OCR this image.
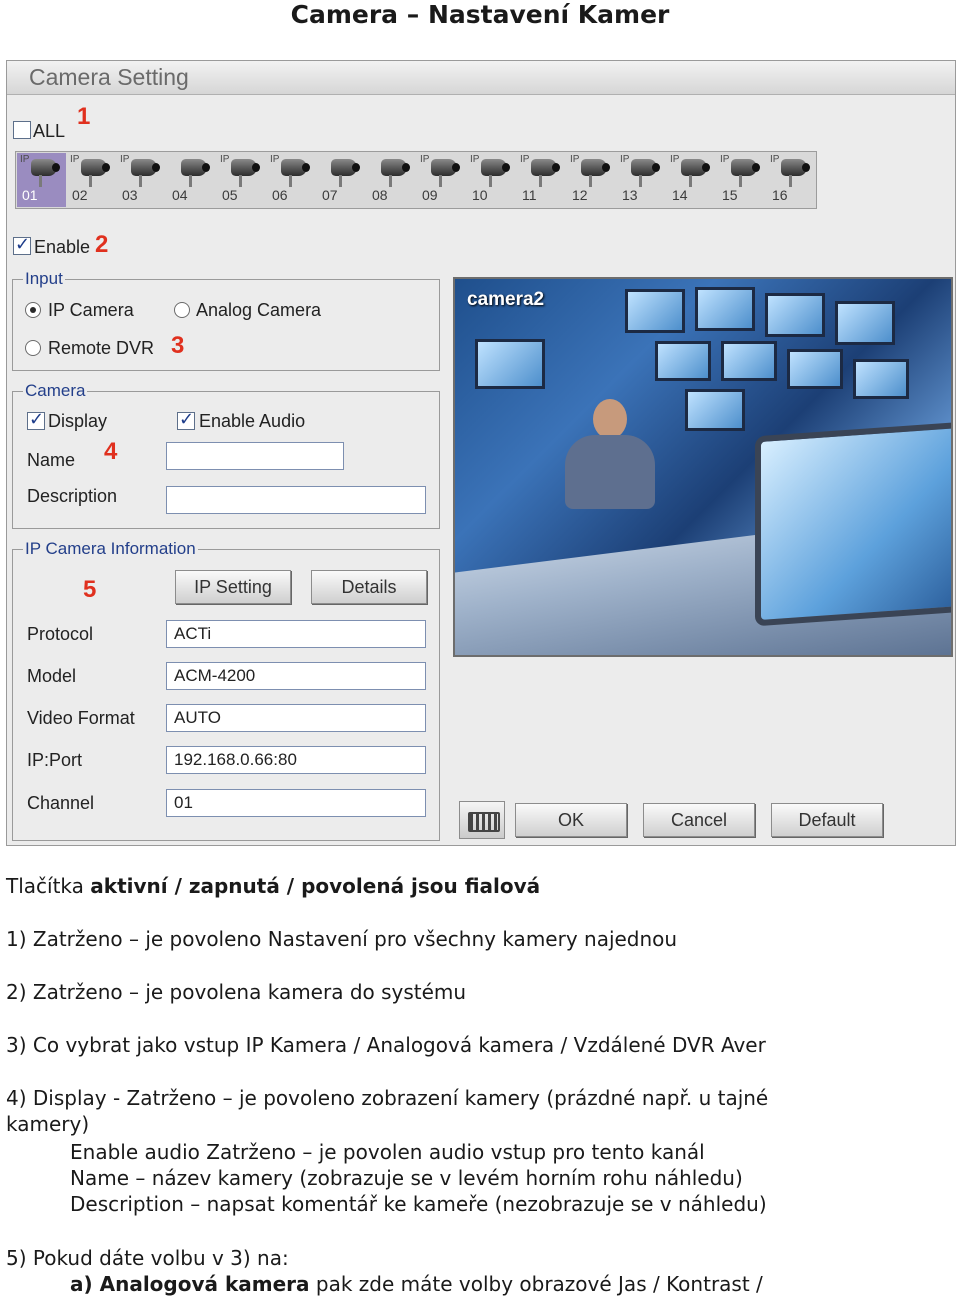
Camera – Nastavení Kamer
Camera Setting
ALL
1
IP
01
IP
02
IP
03 04
IP
05
IP
06 07 08
IP
09
IP
10
IP
11
IP
12
IP
13
IP
14
IP
15
IP
16
✓
Enable 2
Input
IP Camera	Analog Camera
Remote DVR 3
Camera
✓
Display
✓	Enable Audio
Name 4
Description
IP Camera Information
5	IP Setting	Details
Protocol	ACTi
Model	ACM-4200
Video Format	AUTO
IP:Port	192.168.0.66:80
Channel	01
camera2
OK	Cancel	Default
Tlačítka aktivní / zapnutá / povolená jsou fialová
1) Zatrženo – je povoleno Nastavení pro všechny kamery najednou
2) Zatrženo – je povolena kamera do systému
3) Co vybrat jako vstup IP Kamera / Analogová kamera / Vzdálené DVR Aver
4) Display - Zatrženo – je povoleno zobrazení kamery (prázdné např. u tajné
kamery)
Enable audio Zatrženo – je povolen audio vstup pro tento kanál
Name – název kamery (zobrazuje se v levém horním rohu náhledu)
Description – napsat komentář ke kameře (nezobrazuje se v náhledu)
5) Pokud dáte volbu v 3) na:
a) Analogová kamera pak zde máte volby obrazové Jas / Kontrast /
